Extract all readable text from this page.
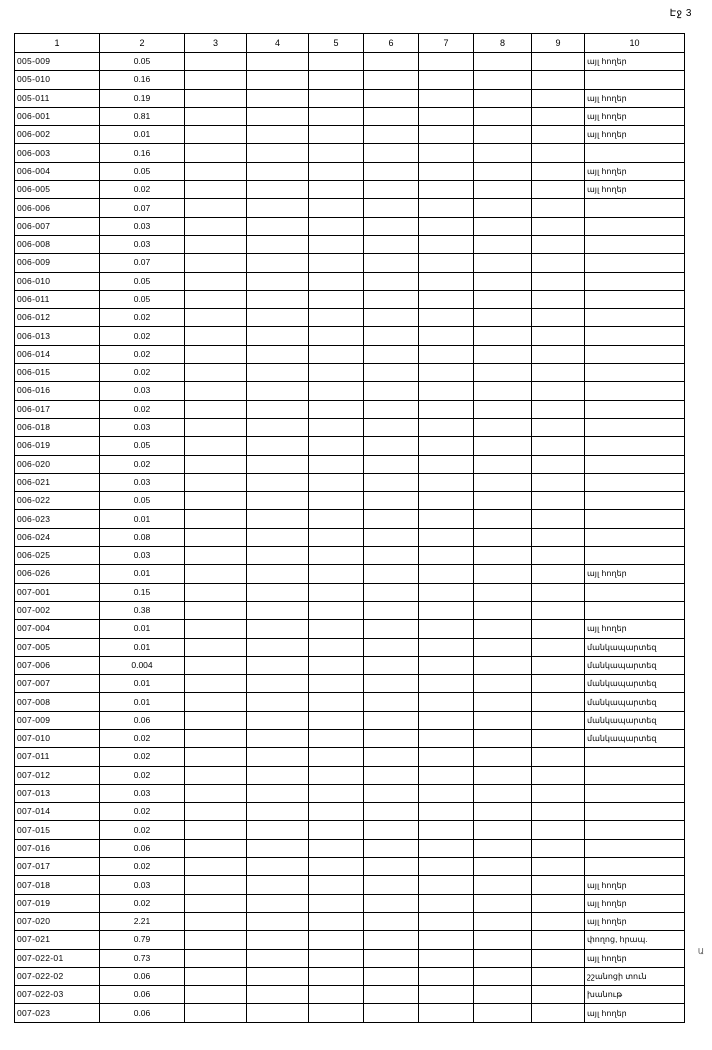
Էջ 3
Ա
1	2	3	4	5	6	7	8	9	10
005-009	0.05								այլ հողեր
005-010	0.16								
005-011	0.19								այլ հողեր
006-001	0.81								այլ հողեր
006-002	0.01								այլ հողեր
006-003	0.16								
006-004	0.05								այլ հողեր
006-005	0.02								այլ հողեր
006-006	0.07								
006-007	0.03								
006-008	0.03								
006-009	0.07								
006-010	0.05								
006-011	0.05								
006-012	0.02								
006-013	0.02								
006-014	0.02								
006-015	0.02								
006-016	0.03								
006-017	0.02								
006-018	0.03								
006-019	0.05								
006-020	0.02								
006-021	0.03								
006-022	0.05								
006-023	0.01								
006-024	0.08								
006-025	0.03								
006-026	0.01								այլ հողեր
007-001	0.15								
007-002	0.38								
007-004	0.01								այլ հողեր
007-005	0.01								մանկապարտեզ
007-006	0.004								մանկապարտեզ
007-007	0.01								մանկապարտեզ
007-008	0.01								մանկապարտեզ
007-009	0.06								մանկապարտեզ
007-010	0.02								մանկապարտեզ
007-011	0.02								
007-012	0.02								
007-013	0.03								
007-014	0.02								
007-015	0.02								
007-016	0.06								
007-017	0.02								
007-018	0.03								այլ հողեր
007-019	0.02								այլ հողեր
007-020	2.21								այլ հողեր
007-021	0.79								փողոց, հրապ.
007-022-01	0.73								այլ հողեր
007-022-02	0.06								շշանոցի տուն
007-022-03	0.06								խանութ
007-023	0.06								այլ հողեր
